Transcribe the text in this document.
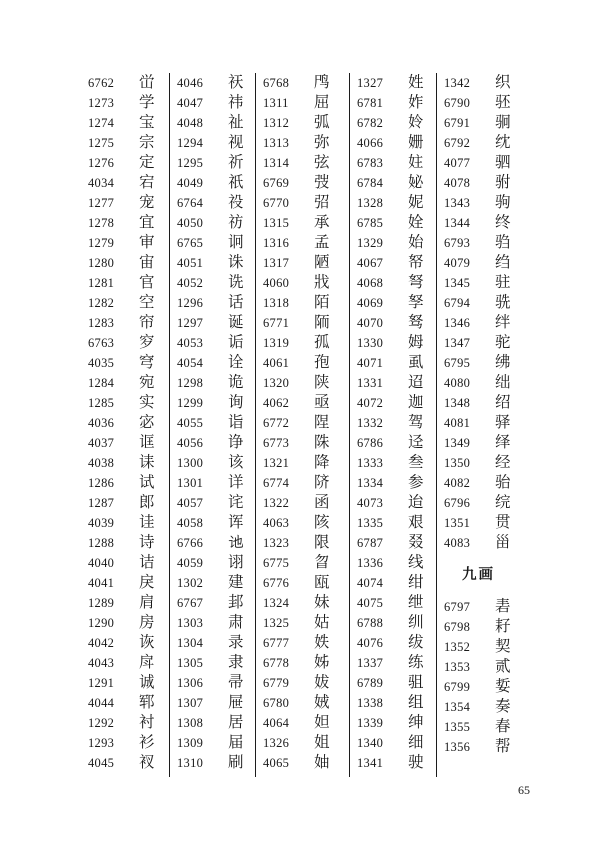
6762	峃
1273	学
1274	宝
1275	宗
1276	定
4034	宕
1277	宠
1278	宜
1279	审
1280	宙
1281	官
1282	空
1283	帘
6763	穸
4035	穹
1284	宛
1285	实
4036	宓
4037	诓
4038	诔
1286	试
1287	郎
4039	诖
1288	诗
4040	诘
4041	戾
1289	肩
1290	房
4042	诙
4043	戽
1291	诚
4044	郓
1292	衬
1293	衫
4045	衩
4046	祆
4047	祎
4048	祉
1294	视
1295	祈
4049	祇
6764	祋
4050	祊
6765	诇
4051	诛
4052	诜
1296	话
1297	诞
4053	诟
4054	诠
1298	诡
1299	询
4055	诣
4056	诤
1300	该
1301	详
4057	诧
4058	诨
6766	𫍙
4059	诩
1302	建
6767	邽
1303	肃
1304	录
1305	隶
1306	帚
1307	屉
1308	居
1309	届
1310	刷
6768	鸤
1311	屈
1312	弧
1313	弥
1314	弦
6769	弢
6770	弨
1315	承
1316	孟
1317	陋
4060	戕
1318	陌
6771	陑
1319	孤
4061	孢
1320	陕
4062	亟
6772	陧
6773	陎
1321	降
6774	𬯀
1322	函
4063	陔
1323	限
6775	曶
6776	瓯
1324	妹
1325	姑
6777	妷
6778	姊
6779	妭
6780	娀
4064	妲
1326	姐
4065	妯
1327	姓
6781	妰
6782	姈
4066	姗
6783	妵
6784	妼
1328	妮
6785	姾
1329	始
4067	帑
4068	弩
4069	孥
4070	驽
1330	姆
4071	虱
1331	迢
4072	迦
1332	驾
6786	迳
1333	叁
1334	参
4073	迨
1335	艰
6787	叕
1336	线
4074	绀
4075	绁
6788	𬘓
4076	绂
1337	练
6789	驵
1338	组
1339	绅
1340	细
1341	驶
1342	织
6790	𬳵
6791	𬳶
6792	𬘘
4077	驷
4078	驸
1343	驹
1344	终
6793	驺
4079	绉
1345	驻
6794	𬳽
1346	绊
1347	驼
6795	绋
4080	绌
1348	绍
4081	驿
1349	绎
1350	经
4082	骀
6796	𬘫
1351	贯
4083	甾
九画
6797	砉
6798	耔
1352	契
1353	贰
6799	娎
1354	奏
1355	春
1356	帮
65
